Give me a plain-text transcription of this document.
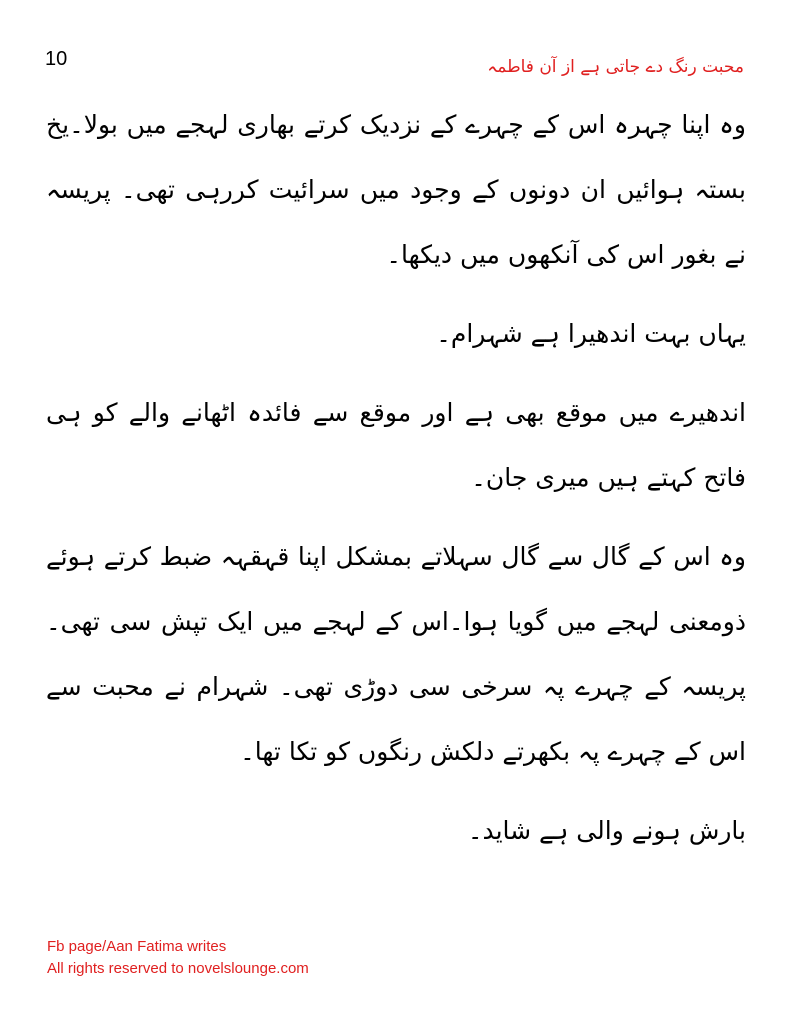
10	محبت رنگ دے جاتی ہے از آن فاطمہ

وہ اپنا چہرہ اس کے چہرے کے نزدیک کرتے بھاری لہجے میں بولا۔یخ بستہ ہوائیں ان دونوں کے وجود میں سرائیت کررہی تھی۔ پریسہ نے بغور اس کی آنکھوں میں دیکھا۔

یہاں بہت اندھیرا ہے شہرام۔

اندھیرے میں موقع بھی ہے اور موقع سے فائدہ اٹھانے والے کو ہی فاتح کہتے ہیں میری جان۔

وہ اس کے گال سے گال سہلاتے بمشکل اپنا قہقہہ ضبط کرتے ہوئے ذومعنی لہجے میں گویا ہوا۔اس کے لہجے میں ایک تپش سی تھی۔ پریسہ کے چہرے پہ سرخی سی دوڑی تھی۔ شہرام نے محبت سے اس کے چہرے پہ بکھرتے دلکش رنگوں کو تکا تھا۔

بارش ہونے والی ہے شاید۔

Fb page/Aan Fatima writes
All rights reserved to novelslounge.com
